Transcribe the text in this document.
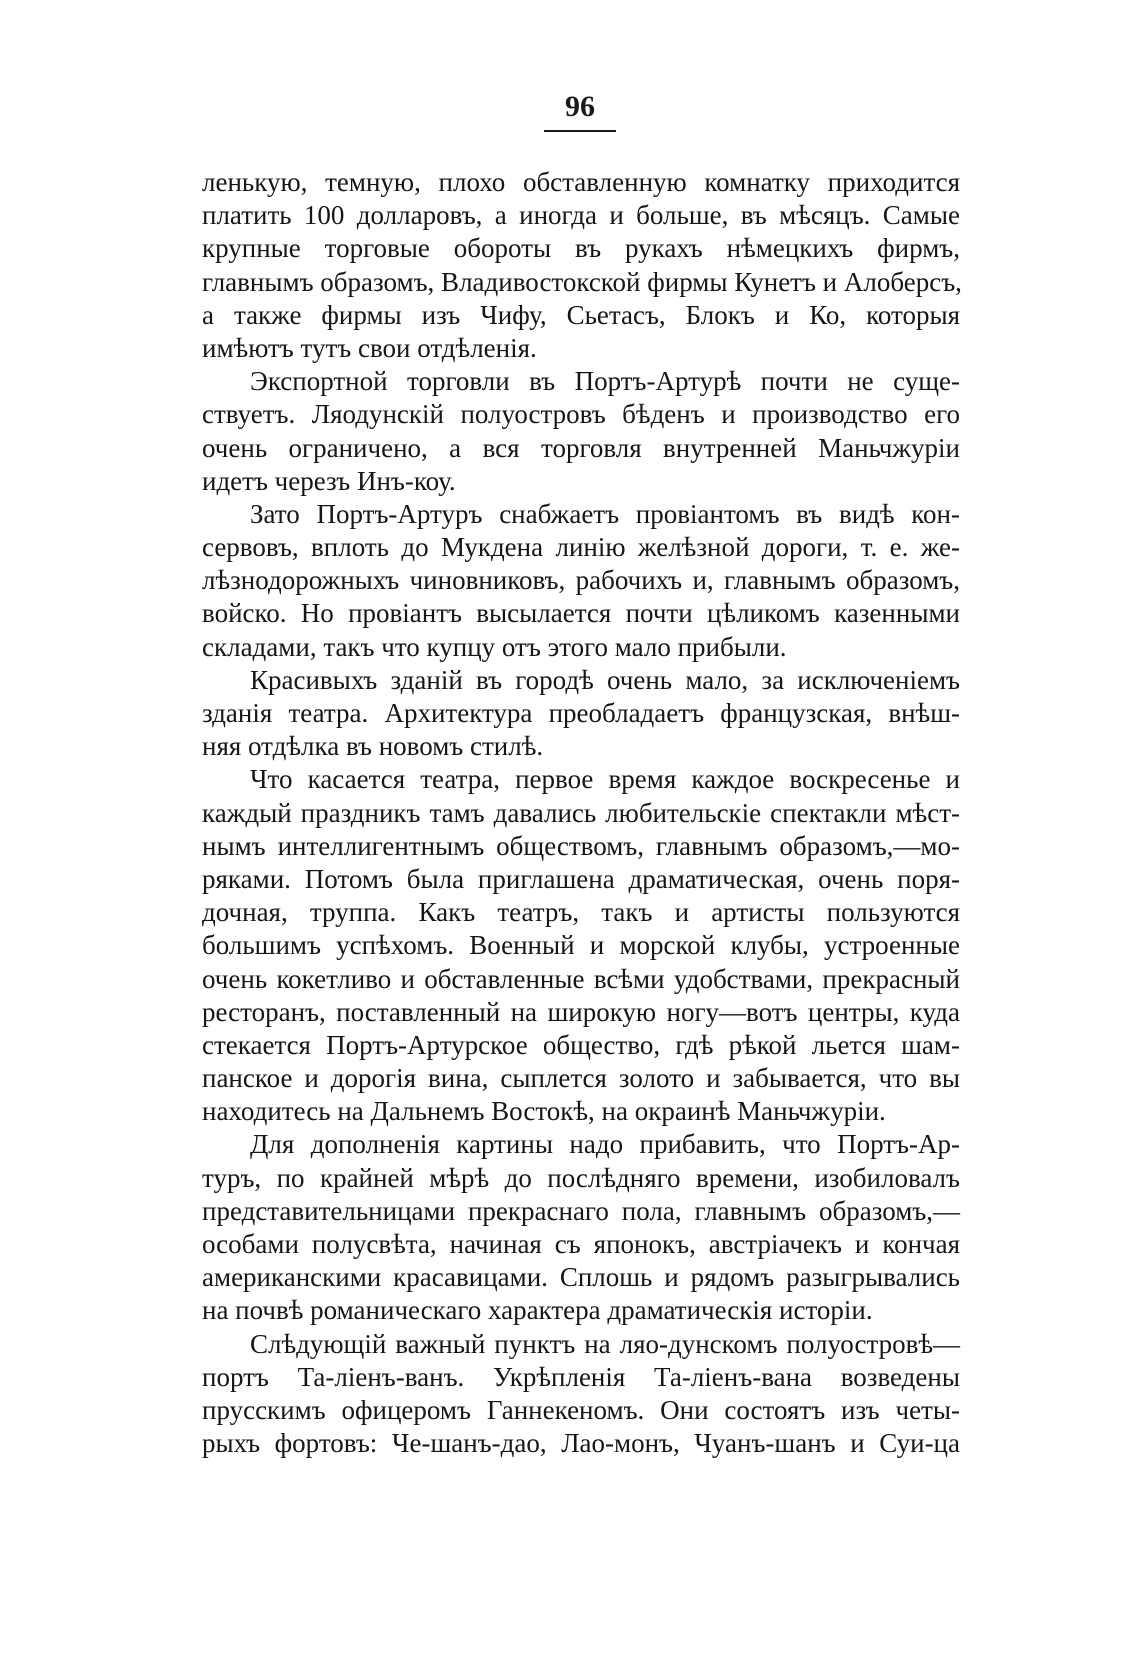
96
ленькую, темную, плохо обставленную комнатку приходится
платить 100 долларовъ, а иногда и больше, въ мѣсяцъ. Самые
крупные торговые обороты въ рукахъ нѣмецкихъ фирмъ,
главнымъ образомъ, Владивостокской фирмы Кунетъ и Алоберсъ,
а также фирмы изъ Чифу, Сьетасъ, Блокъ и Ко, которыя
имѣютъ тутъ свои отдѣленія.
Экспортной торговли въ Портъ-Артурѣ почти не суще-
ствуетъ. Ляодунскій полуостровъ бѣденъ и производство его
очень ограничено, а вся торговля внутренней Маньчжуріи
идетъ черезъ Инъ-коу.
Зато Портъ-Артуръ снабжаетъ провіантомъ въ видѣ кон-
сервовъ, вплоть до Мукдена линію желѣзной дороги, т. е. же-
лѣзнодорожныхъ чиновниковъ, рабочихъ и, главнымъ образомъ,
войско. Но провіантъ высылается почти цѣликомъ казенными
складами, такъ что купцу отъ этого мало прибыли.
Красивыхъ зданій въ городѣ очень мало, за исключеніемъ
зданія театра. Архитектура преобладаетъ французская, внѣш-
няя отдѣлка въ новомъ стилѣ.
Что касается театра, первое время каждое воскресенье и
каждый праздникъ тамъ давались любительскіе спектакли мѣст-
нымъ интеллигентнымъ обществомъ, главнымъ образомъ,—мо-
ряками. Потомъ была приглашена драматическая, очень поря-
дочная, труппа. Какъ театръ, такъ и артисты пользуются
большимъ успѣхомъ. Военный и морской клубы, устроенные
очень кокетливо и обставленные всѣми удобствами, прекрасный
ресторанъ, поставленный на широкую ногу—вотъ центры, куда
стекается Портъ-Артурское общество, гдѣ рѣкой льется шам-
панское и дорогія вина, сыплется золото и забывается, что вы
находитесь на Дальнемъ Востокѣ, на окраинѣ Маньчжуріи.
Для дополненія картины надо прибавить, что Портъ-Ар-
туръ, по крайней мѣрѣ до послѣдняго времени, изобиловалъ
представительницами прекраснаго пола, главнымъ образомъ,—
особами полусвѣта, начиная съ японокъ, австріачекъ и кончая
американскими красавицами. Сплошь и рядомъ разыгрывались
на почвѣ романическаго характера драматическія исторіи.
Слѣдующій важный пунктъ на ляо-дунскомъ полуостровѣ—
портъ Та-ліенъ-ванъ. Укрѣпленія Та-ліенъ-вана возведены
прусскимъ офицеромъ Ганнекеномъ. Они состоятъ изъ четы-
рыхъ фортовъ: Че-шанъ-дао, Лао-монъ, Чуанъ-шанъ и Суи-ца
